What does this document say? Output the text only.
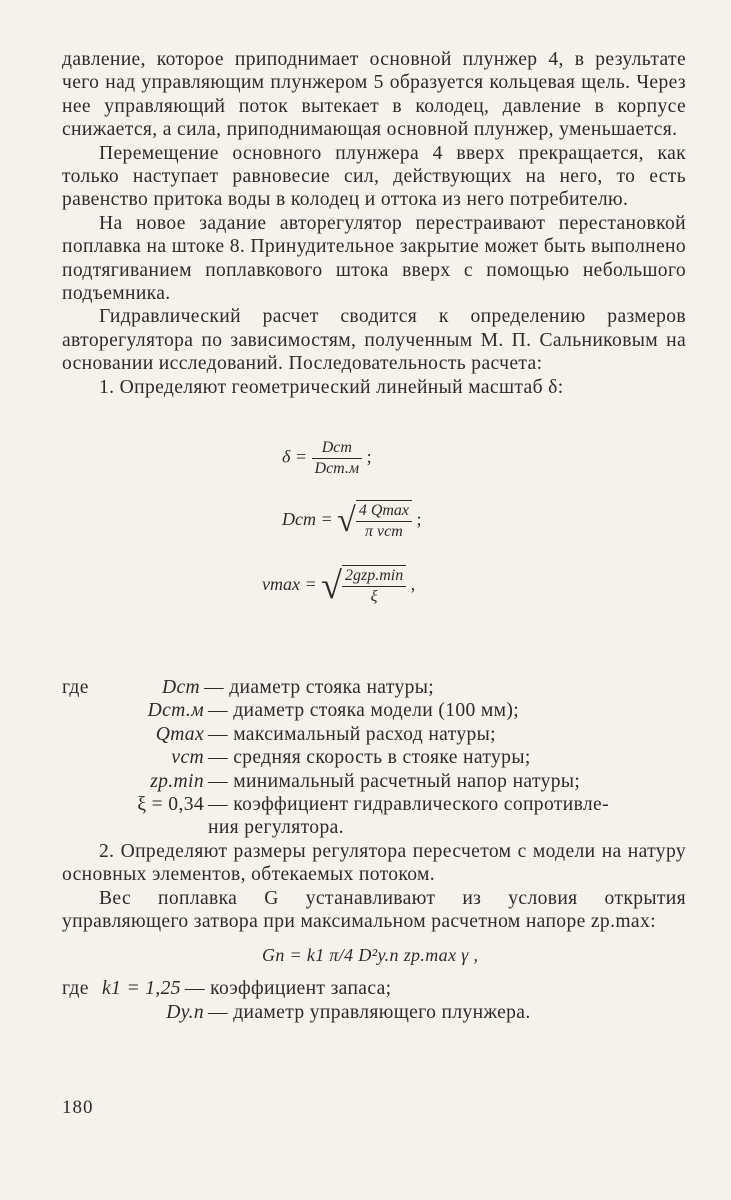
давление, которое приподнимает основной плунжер 4, в результате чего над управляющим плунжером 5 образуется кольцевая щель. Через нее управляющий поток вытекает в колодец, давление в корпусе снижается, а сила, приподнимающая основной плунжер, уменьшается.

Перемещение основного плунжера 4 вверх прекращается, как только наступает равновесие сил, действующих на него, то есть равенство притока воды в колодец и оттока из него потребителю.

На новое задание авторегулятор перестраивают перестановкой поплавка на штоке 8. Принудительное закрытие может быть выполнено подтягиванием поплавкового штока вверх с помощью небольшого подъемника.

Гидравлический расчет сводится к определению размеров авторегулятора по зависимостям, полученным М. П. Сальниковым на основании исследований. Последовательность расчета:

1. Определяют геометрический линейный масштаб δ:

$\delta = \frac{\text{Dст}}{\text{Dст.м}}$ ;
Dст = √ $\frac{4 Qmax}{\text{π vст}}$ ;
vmax = √ $\frac{\text{2gzр.min}}{\xi}$ ,
где	Dст — диаметр стояка натуры;
Dст.м — диаметр стояка модели (100 мм);
Qmax — максимальный расход натуры;
vст — средняя скорость в стояке натуры;
zр.min — минимальный расчетный напор натуры;
ξ = 0,34 — коэффициент гидравлического сопротивле-
ния регулятора.

2. Определяют размеры регулятора пересчетом с модели на натуру основных элементов, обтекаемых потоком.

Вес поплавка G устанавливают из условия открытия управляющего затвора при максимальном расчетном напоре zр.max:

Gп = k1 π/4 D²у.п zр.max γ ,
где k1 = 1,25 — коэффициент запаса;
Dу.п — диаметр управляющего плунжера.
180
